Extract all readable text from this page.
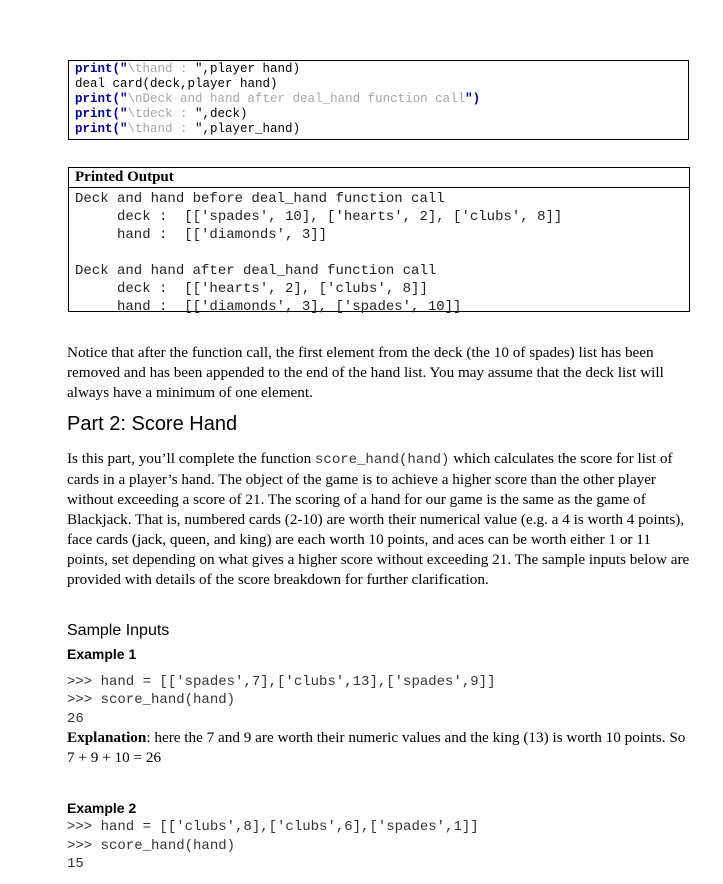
print("\thand : ",player hand)
deal card(deck,player hand)
print("\nDeck and hand after deal_hand function call")
print("\tdeck : ",deck)
print("\thand : ",player_hand)
Printed Output
Deck and hand before deal_hand function call
deck :  [['spades', 10], ['hearts', 2], ['clubs', 8]]
hand :  [['diamonds', 3]]
Deck and hand after deal_hand function call
deck :  [['hearts', 2], ['clubs', 8]]
hand :  [['diamonds', 3], ['spades', 10]]
Notice that after the function call, the first element from the deck (the 10 of spades) list has been removed and has been appended to the end of the hand list. You may assume that the deck list will always have a minimum of one element.
Part 2: Score Hand
Is this part, you’ll complete the function score_hand(hand) which calculates the score for list of cards in a player’s hand. The object of the game is to achieve a higher score than the other player without exceeding a score of 21. The scoring of a hand for our game is the same as the game of Blackjack. That is, numbered cards (2-10) are worth their numerical value (e.g. a 4 is worth 4 points), face cards (jack, queen, and king) are each worth 10 points, and aces can be worth either 1 or 11 points, set depending on what gives a higher score without exceeding 21. The sample inputs below are provided with details of the score breakdown for further clarification.
Sample Inputs
Example 1
>>> hand = [['spades',7],['clubs',13],['spades',9]]
>>> score_hand(hand)
26
Explanation: here the 7 and 9 are worth their numeric values and the king (13) is worth 10 points. So 7 + 9 + 10 = 26
Example 2
>>> hand = [['clubs',8],['clubs',6],['spades',1]]
>>> score_hand(hand)
15
